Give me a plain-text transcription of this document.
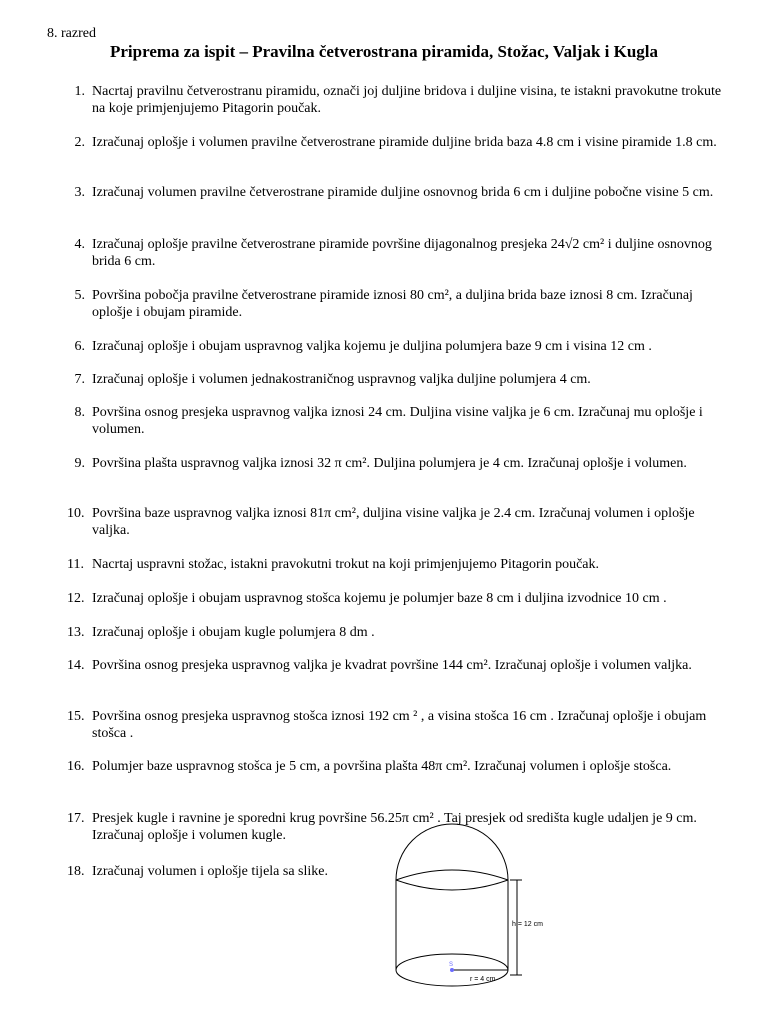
8. razred
Priprema za ispit – Pravilna četverostrana piramida, Stožac, Valjak i Kugla
1. Nacrtaj pravilnu četverostranu piramidu, označi joj duljine bridova i duljine visina, te istakni pravokutne trokute na koje primjenjujemo Pitagorin poučak.
2. Izračunaj oplošje i volumen pravilne četverostrane piramide duljine brida baza 4.8 cm i visine piramide 1.8 cm.
3. Izračunaj volumen pravilne četverostrane piramide duljine osnovnog brida 6 cm i duljine pobočne visine 5 cm.
4. Izračunaj oplošje pravilne četverostrane piramide površine dijagonalnog presjeka 24√2 cm² i duljine osnovnog brida 6 cm.
5. Površina pobočja pravilne četverostrane piramide iznosi 80 cm², a duljina brida baze iznosi 8 cm. Izračunaj oplošje i obujam piramide.
6. Izračunaj oplošje i obujam uspravnog valjka kojemu je duljina polumjera baze 9 cm i visina 12 cm .
7. Izračunaj oplošje i volumen jednakostraničnog uspravnog valjka duljine polumjera 4 cm.
8. Površina osnog presjeka uspravnog valjka iznosi 24 cm. Duljina visine valjka je 6 cm. Izračunaj mu oplošje i volumen.
9. Površina plašta uspravnog valjka iznosi 32 π cm². Duljina polumjera je 4 cm. Izračunaj oplošje i volumen.
10. Površina baze uspravnog valjka iznosi 81π cm², duljina visine valjka je 2.4 cm. Izračunaj volumen i oplošje valjka.
11. Nacrtaj uspravni stožac, istakni pravokutni trokut na koji primjenjujemo Pitagorin poučak.
12. Izračunaj oplošje i obujam uspravnog stošca kojemu je polumjer baze 8 cm i duljina izvodnice 10 cm .
13. Izračunaj oplošje i obujam kugle polumjera 8 dm .
14. Površina osnog presjeka uspravnog valjka je kvadrat površine 144 cm². Izračunaj oplošje i volumen valjka.
15. Površina osnog presjeka uspravnog stošca iznosi 192 cm ² , a visina stošca 16 cm . Izračunaj oplošje i obujam stošca .
16. Polumjer baze uspravnog stošca je 5 cm, a površina plašta 48π cm². Izračunaj volumen i oplošje stošca.
17. Presjek kugle i ravnine je sporedni krug površine 56.25π cm² . Taj presjek od središta kugle udaljen je 9 cm. Izračunaj oplošje i volumen kugle.
18. Izračunaj volumen i oplošje tijela sa slike.
S
h = 12 cm
r = 4 cm
